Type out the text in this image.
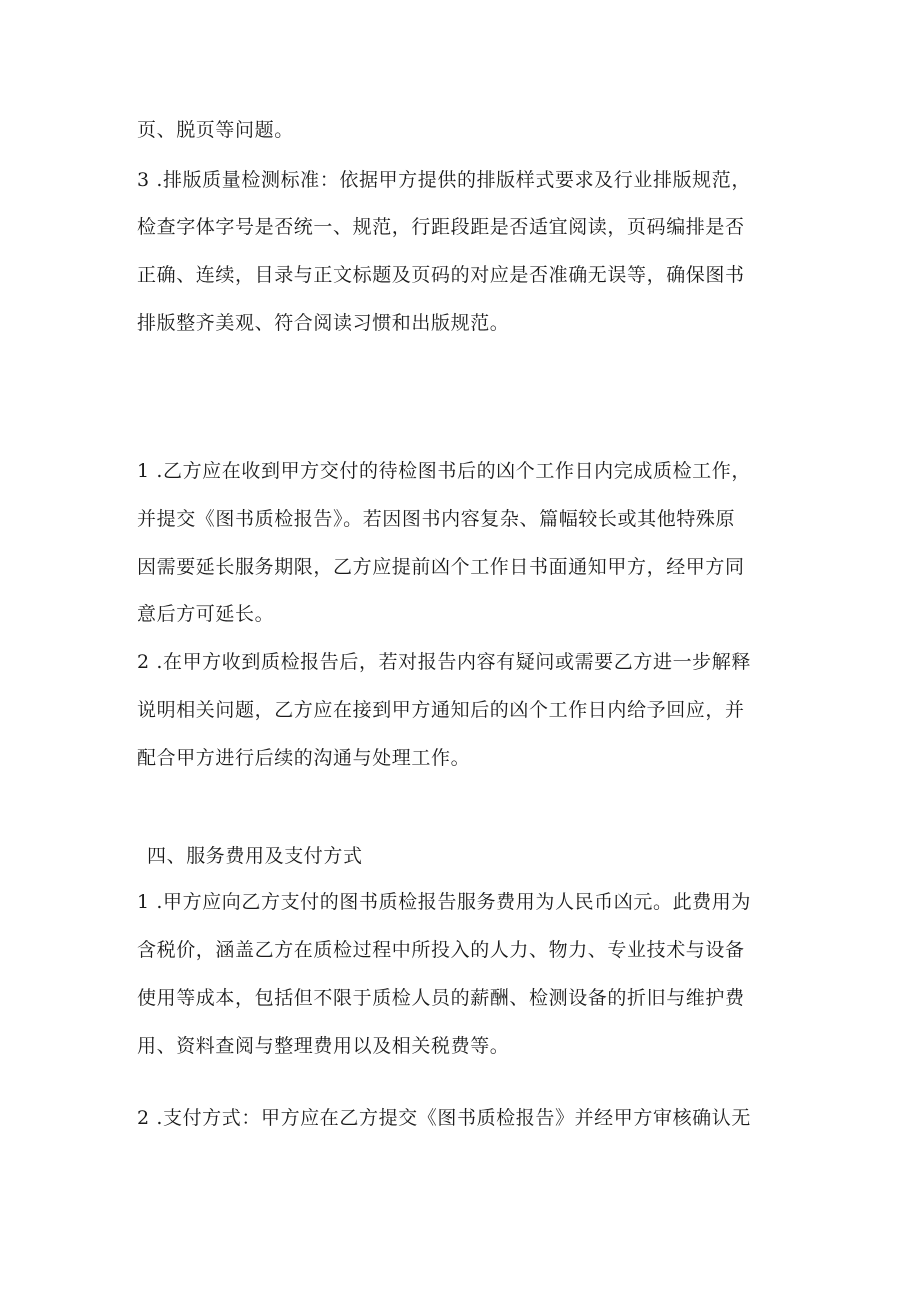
页、脱页等问题。
3 .排版质量检测标准：依据甲方提供的排版样式要求及行业排版规范，
检查字体字号是否统一、规范，行距段距是否适宜阅读，页码编排是否
正确、连续，目录与正文标题及页码的对应是否准确无误等，确保图书
排版整齐美观、符合阅读习惯和出版规范。
1 .乙方应在收到甲方交付的待检图书后的凶个工作日内完成质检工作，
并提交《图书质检报告》。若因图书内容复杂、篇幅较长或其他特殊原
因需要延长服务期限，乙方应提前凶个工作日书面通知甲方，经甲方同
意后方可延长。
2 .在甲方收到质检报告后，若对报告内容有疑问或需要乙方进一步解释
说明相关问题，乙方应在接到甲方通知后的凶个工作日内给予回应，并
配合甲方进行后续的沟通与处理工作。
四、服务费用及支付方式
1 .甲方应向乙方支付的图书质检报告服务费用为人民币凶元。此费用为
含税价，涵盖乙方在质检过程中所投入的人力、物力、专业技术与设备
使用等成本，包括但不限于质检人员的薪酬、检测设备的折旧与维护费
用、资料查阅与整理费用以及相关税费等。
2 .支付方式：甲方应在乙方提交《图书质检报告》并经甲方审核确认无
